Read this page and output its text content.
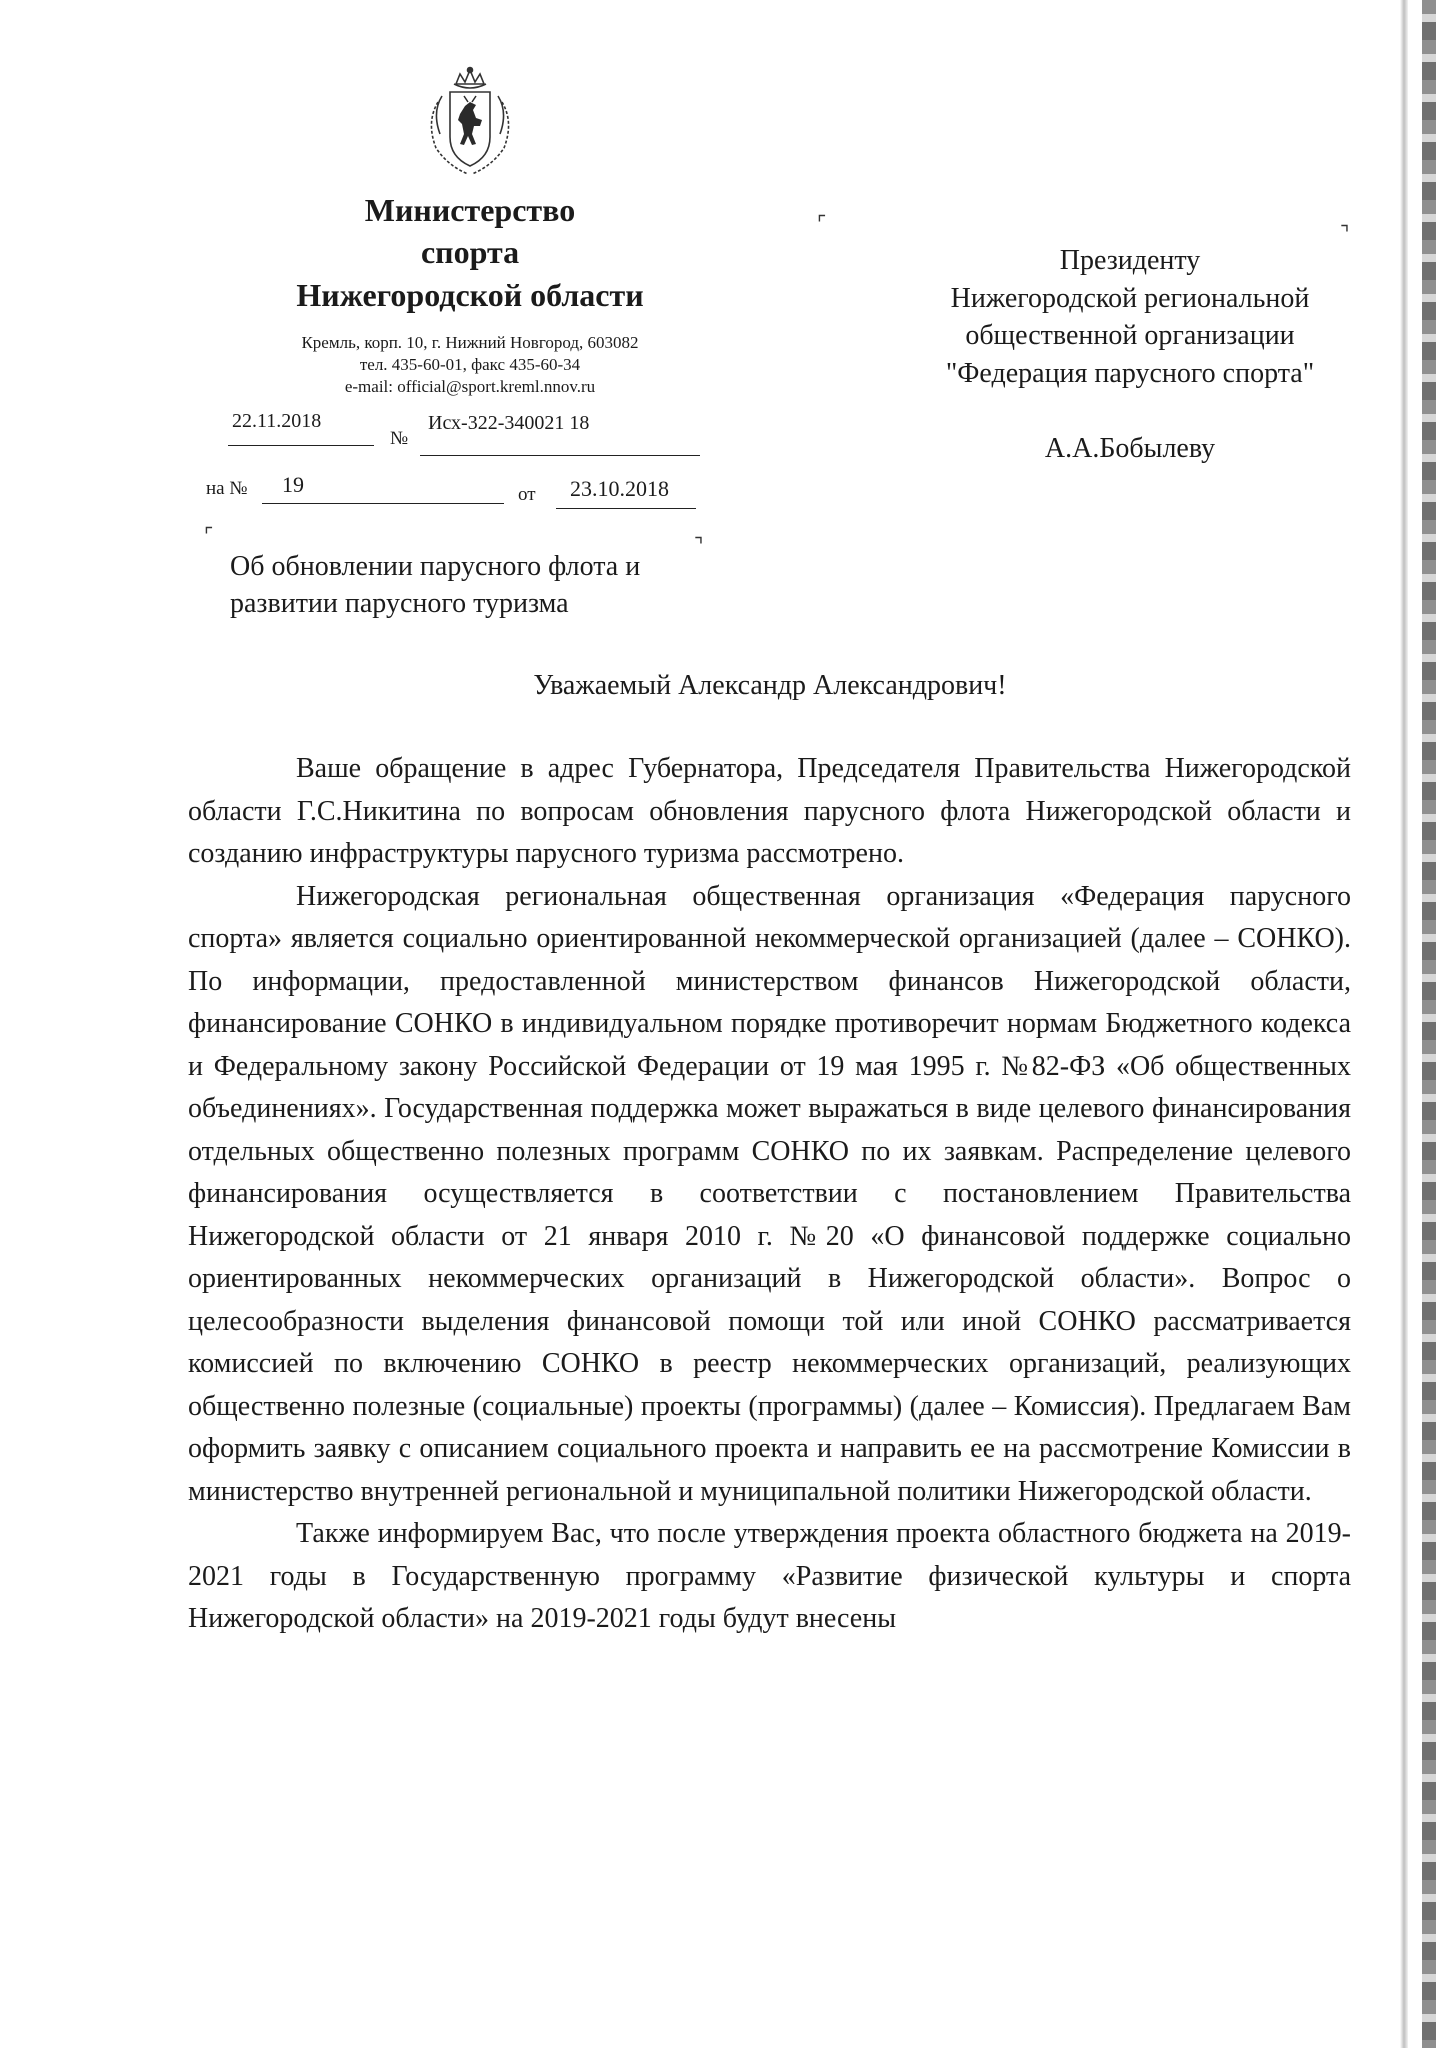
Министерство
спорта
Нижегородской области
Кремль, корп. 10, г. Нижний Новгород, 603082
тел. 435-60-01, факс 435-60-34
e-mail: official@sport.kreml.nnov.ru
22.11.2018
№
Исх-322-340021 18
на № 19	от 23.10.2018
⌜	⌝
Президенту
Нижегородской региональной
общественной организации
"Федерация парусного спорта"
А.А.Бобылеву
⌜	⌝
Об обновлении парусного флота и
развитии парусного туризма
Уважаемый Александр Александрович!

Ваше обращение в адрес Губернатора, Председателя Правительства Нижегородской области Г.С.Никитина по вопросам обновления парусного флота Нижегородской области и созданию инфраструктуры парусного туризма рассмотрено.

Нижегородская региональная общественная организация «Федерация парусного спорта» является социально ориентированной некоммерческой организацией (далее – СОНКО). По информации, предоставленной министерством финансов Нижегородской области, финансирование СОНКО в индивидуальном порядке противоречит нормам Бюджетного кодекса и Федеральному закону Российской Федерации от 19 мая 1995 г. №82-ФЗ «Об общественных объединениях». Государственная поддержка может выражаться в виде целевого финансирования отдельных общественно полезных программ СОНКО по их заявкам. Распределение целевого финансирования осуществляется в соответствии с постановлением Правительства Нижегородской области от 21 января 2010 г. №20 «О финансовой поддержке социально ориентированных некоммерческих организаций в Нижегородской области». Вопрос о целесообразности выделения финансовой помощи той или иной СОНКО рассматривается комиссией по включению СОНКО в реестр некоммерческих организаций, реализующих общественно полезные (социальные) проекты (программы) (далее – Комиссия). Предлагаем Вам оформить заявку с описанием социального проекта и направить ее на рассмотрение Комиссии в министерство внутренней региональной и муниципальной политики Нижегородской области.

Также информируем Вас, что после утверждения проекта областного бюджета на 2019-2021 годы в Государственную программу «Развитие физической культуры и спорта Нижегородской области» на 2019-2021 годы будут внесены
